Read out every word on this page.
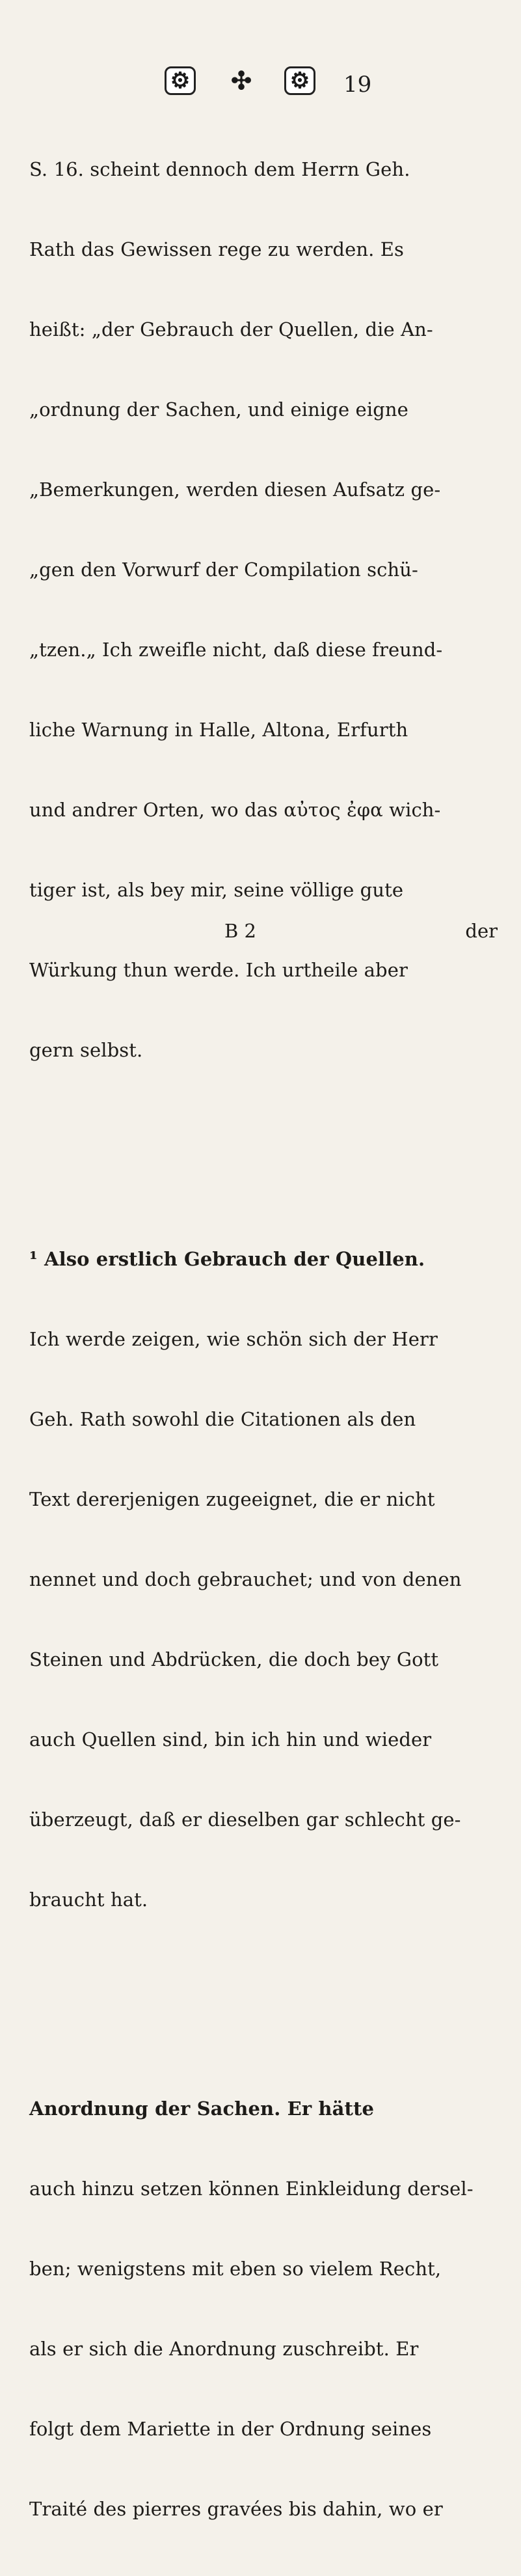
⚙ ✣ ⚙ 19

S. 16. scheint dennoch dem Herrn Geh.

Rath das Gewissen rege zu werden. Es

heißt: „der Gebrauch der Quellen, die An-

„ordnung der Sachen, und einige eigne

„Bemerkungen, werden diesen Aufsatz ge-

„gen den Vorwurf der Compilation schü-

„tzen.„ Ich zweifle nicht, daß diese freund-

liche Warnung in Halle, Altona, Erfurth

und andrer Orten, wo das αὐτος ἐφα wich-

tiger ist, als bey mir, seine völlige gute

Würkung thun werde. Ich urtheile aber

gern selbst.

¹ Also erstlich Gebrauch der Quellen.

Ich werde zeigen, wie schön sich der Herr

Geh. Rath sowohl die Citationen als den

Text dererjenigen zugeeignet, die er nicht

nennet und doch gebrauchet; und von denen

Steinen und Abdrücken, die doch bey Gott

auch Quellen sind, bin ich hin und wieder

überzeugt, daß er dieselben gar schlecht ge-

braucht hat.

Anordnung der Sachen. Er hätte

auch hinzu setzen können Einkleidung dersel-

ben; wenigstens mit eben so vielem Recht,

als er sich die Anordnung zuschreibt. Er

folgt dem Mariette in der Ordnung seines

Traité des pierres gravées bis dahin, wo er

B 2	der
